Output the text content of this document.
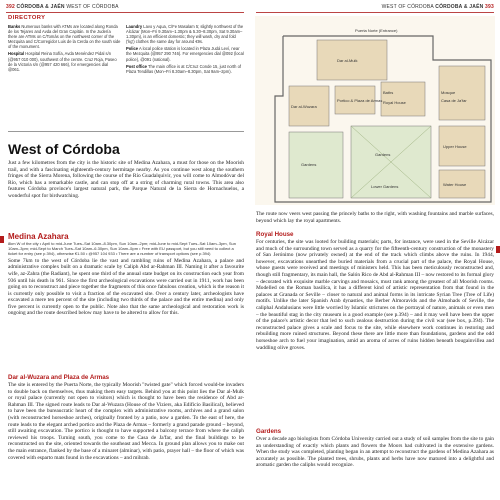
392 CÓRDOBA & JAÉN WEST OF CÓRDOBA	WEST OF CÓRDOBA CÓRDOBA & JAÉN 393
DIRECTORY

Banks Numerous banks with ATMs are located along Ronda de los Tejares and Avda del Gran Capitán. In the Judería there are ATMs on C/Tomás on the northwest corner of the Mezquita and C/Corregidor Luis de la Cerda on the south side of the monument.

Hospital Hospital Reina Sofía, Avda Menéndez Pidal s/n (@957 010 000), southwest of the centre. Cruz Roja, Paseo de la Victoria s/n (@957 420 666), for emergencies dial @061.

Laundry Lavo y Aqua, C/Fe Masalam 5; slightly northwest of the Alcázar (Mon–Fri 9.30am–1.30pm & 5.30–8.30pm, Sat 9.30am–1.30pm), is an efficient domestic; they will wash, dry and fold ('kg') clothes the same day for around €9s.

Police A local police station is located in Plaza Judá Leví, near the Mezquita (@957 290 746). For emergencies dial @092 (local police), @091 (national).

Post office The main office is at C/Cruz Conde 15, just north of Plaza Tendillas (Mon–Fri 8.30am–8.30pm, Sat 9am–2pm).

West of Córdoba
Just a few kilometres from the city is the historic site of Medina Azahara, a must for those on the Moorish trail, and with a fascinating eighteenth-century hermitage nearby. As you continue west along the southern fringes of the Sierra Morena, following the course of the Río Guadalquivir, you will come to Almodóvar del Río, which has a remarkable castle, and can stop off at a string of charming rural towns. This area also features Córdoba province's largest natural park, the Parque Natural de la Sierra de Hornachuelos, a wonderful spot for birdwatching.
Medina Azahara
8km W of the city • April to mid-June Tues–Sat 10am–8.30pm, Sun 10am–2pm; mid-June to mid-Sept Tues–Sat 10am–3pm, Sun 10am–3pm; mid-Sept to March Tues–Sat 10am–6.30pm, Sun 10am–5pm • Free with EU passport, but you still need to collect a ticket for entry (see p.394), otherwise €1.50 • @957 104 933 • There are a number of transport options (see p.394)
Some 7km to the west of Córdoba lie the vast and rambling ruins of Medina Azahara, a palace and administrative complex built on a dramatic scale by Caliph Abd ar-Rahman III. Naming it after a favourite wife, az-Zahra (the Radiant), he spent one third of the annual state budget on its construction each year from 936 until his death in 961. Since the first archeological excavations were carried out in 1911, work has been going on to reconstruct and piece together the fragments of this once fabulous creation, which is the reason it is currently only possible to visit a fraction of the excavated site. Over a century later, archeologists have excavated a mere ten percent of the site (including two thirds of the palace and the entire medina) and only five percent is currently open to the public. Note also that the same archeological and restoration work is ongoing and the route described below may have to be altered to allow for this.
Dar al-Wuzara and Plaza de Armas
The site is entered by the Puerta Norte, the typically Moorish "twisted gate" which forced would-be invaders to double back on themselves, thus making them easy targets. Behind you at this point lies the Dar al-Mulk or royal palace (currently not open to visitors) which is thought to have been the residence of Abd ar-Rahman III. The signed route leads to Dar al-Wuzara (House of the Viziers, aka Edificio Basilical), believed to have been the bureaucratic heart of the complex with administrative rooms, archives and a grand salon (with reconstructed horseshoe arches), originally fronted by a patio, now a garden. To the east of here, the route leads to the elegant arched portico and the Plaza de Armas – formerly a grand parade ground – beyond, still awaiting excavation. The portico is thought to have supported a balcony terrace from where the caliph reviewed his troops. Turning south, you come to the Casa de Ja'far, and the final buildings to be reconstructed on the site, oriented towards the southeast and Mecca. In ground plan allows you to make out the main entrance, flanked by the base of a minaret (alminar), with patio, prayer hall – the floor of which was covered with esparto mats found in the excavations – and mihrab.
Puerta Norte (Entrance)
Dar al-Mulk
Dar al-Wuzara
Portico & Plaza de Armas
Baths
Royal House
Mosque
Casa de Ja'far
Gardens
Gardens
Lower Gardens
Upper House
Water House
The route now veers west passing the princely baths to the right, with washing fountains and marble surfaces, beyond which lay the royal apartments.
Royal House
For centuries, the site was looted for building materials; parts, for instance, were used in the Seville Alcázar and much of the surrounding town served as a quarry for the fifteenth-century construction of the monastery of San Jerónimo (now privately owned) at the end of the track which climbs above the ruins. In 1944, however, excavations unearthed the buried materials from a crucial part of the palace, the Royal House, whose guests were received and meetings of ministers held. This has been meticulously reconstructed and, though still fragmentary, its main hall, the Salón Rico de Abd al-Rahman III – now restored to its formal glory – decorated with exquisite marble carvings and mosaics, must rank among the greatest of all Moorish rooms. Modelled on the Roman basilica, it has a different kind of artistic representation from that found in the palaces at Granada or Seville – closer to natural and animal forms in its intricate Syrian Tree (Tree of Life) motifs. Unlike the later Spanish Arab dynasties, the Berber Almoravids and the Almohads of Seville, the caliphal Andalusians were little worried by Islamic strictures on the portrayal of nature, animals or even men – the beautiful stag in the city museum is a good example (see p.394) – and it may well have been the upper of the palace's artistic decor that led to such zealous destruction during the civil war (see box, p.394). The reconstructed palace gives a scale and focus to the site, while elsewhere work continues in restoring and rebuilding more ruined structures. Beyond these there are little more than foundations, gardens and the odd horseshoe arch to fuel your imagination, amid an aroma of acres of ruins hidden beneath bougainvillea and waddling olive groves.
Gardens
Over a decade ago biologists from Córdoba University carried out a study of soil samples from the site to gain an understanding of exactly which plants and flowers the Moors had cultivated in the extensive gardens. When the study was completed, planting began in an attempt to reconstruct the gardens of Medina Azahara as accurately as possible. The planted trees, shrubs, plants and herbs have now matured into a delightful and aromatic garden the caliphs would recognize.
